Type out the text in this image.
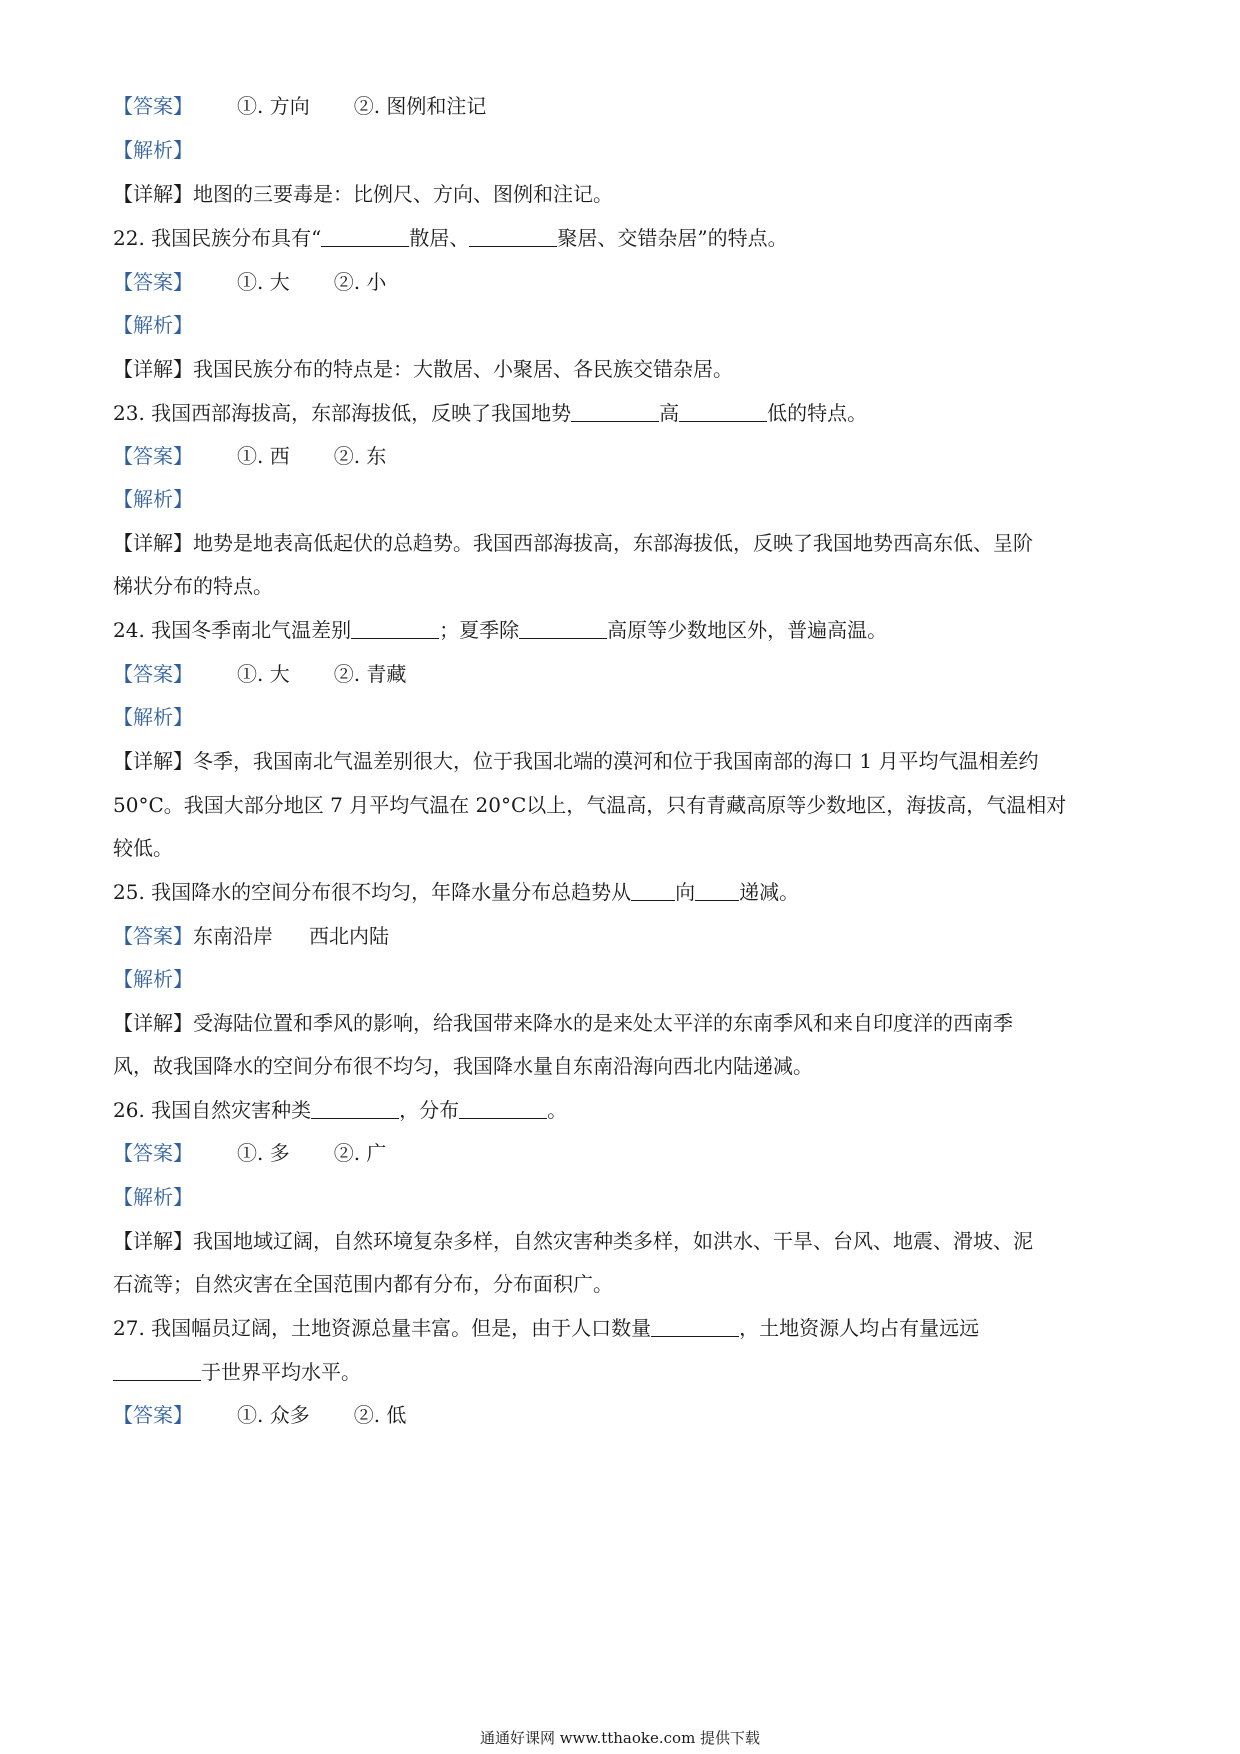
【答案】 ①. 方向 ②. 图例和注记
【解析】
【详解】地图的三要毒是：比例尺、方向、图例和注记。
22. 我国民族分布具有“	散居、	聚居、交错杂居”的特点。
【答案】 ①. 大 ②. 小
【解析】
【详解】我国民族分布的特点是：大散居、小聚居、各民族交错杂居。
23. 我国西部海拔高，东部海拔低，反映了我国地势	高	低的特点。
【答案】 ①. 西 ②. 东
【解析】
【详解】地势是地表高低起伏的总趋势。我国西部海拔高，东部海拔低，反映了我国地势西高东低、呈阶
梯状分布的特点。
24. 我国冬季南北气温差别	；夏季除	高原等少数地区外，普遍高温。
【答案】 ①. 大 ②. 青藏
【解析】
【详解】冬季，我国南北气温差别很大，位于我国北端的漠河和位于我国南部的海口 1 月平均气温相差约
50°C。我国大部分地区 7 月平均气温在 20°C以上，气温高，只有青藏高原等少数地区，海拔高，气温相对
较低。
25. 我国降水的空间分布很不均匀，年降水量分布总趋势从 向 递减。
【答案】东南沿岸 西北内陆
【解析】
【详解】受海陆位置和季风的影响，给我国带来降水的是来处太平洋的东南季风和来自印度洋的西南季
风，故我国降水的空间分布很不均匀，我国降水量自东南沿海向西北内陆递减。
26. 我国自然灾害种类	，分布	。
【答案】 ①. 多 ②. 广
【解析】
【详解】我国地域辽阔，自然环境复杂多样，自然灾害种类多样，如洪水、干旱、台风、地震、滑坡、泥
石流等；自然灾害在全国范围内都有分布，分布面积广。
27. 我国幅员辽阔，土地资源总量丰富。但是，由于人口数量	，土地资源人均占有量远远
于世界平均水平。
【答案】 ①. 众多 ②. 低
通通好课网 www.tthaoke.com 提供下载
